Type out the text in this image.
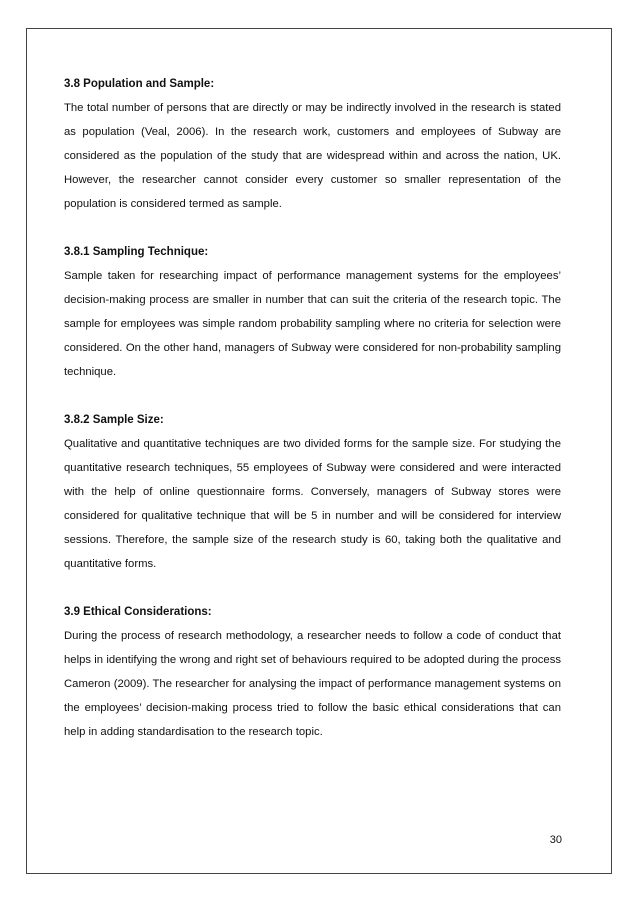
3.8 Population and Sample:

The total number of persons that are directly or may be indirectly involved in the research is stated as population (Veal, 2006). In the research work, customers and employees of Subway are considered as the population of the study that are widespread within and across the nation, UK. However, the researcher cannot consider every customer so smaller representation of the population is considered termed as sample.

3.8.1 Sampling Technique:

Sample taken for researching impact of performance management systems for the employees’ decision-making process are smaller in number that can suit the criteria of the research topic. The sample for employees was simple random probability sampling where no criteria for selection were considered. On the other hand, managers of Subway were considered for non-probability sampling technique.

3.8.2 Sample Size:

Qualitative and quantitative techniques are two divided forms for the sample size. For studying the quantitative research techniques, 55 employees of Subway were considered and were interacted with the help of online questionnaire forms. Conversely, managers of Subway stores were considered for qualitative technique that will be 5 in number and will be considered for interview sessions. Therefore, the sample size of the research study is 60, taking both the qualitative and quantitative forms.

3.9 Ethical Considerations:

During the process of research methodology, a researcher needs to follow a code of conduct that helps in identifying the wrong and right set of behaviours required to be adopted during the process Cameron (2009). The researcher for analysing the impact of performance management systems on the employees’ decision-making process tried to follow the basic ethical considerations that can help in adding standardisation to the research topic.

30
